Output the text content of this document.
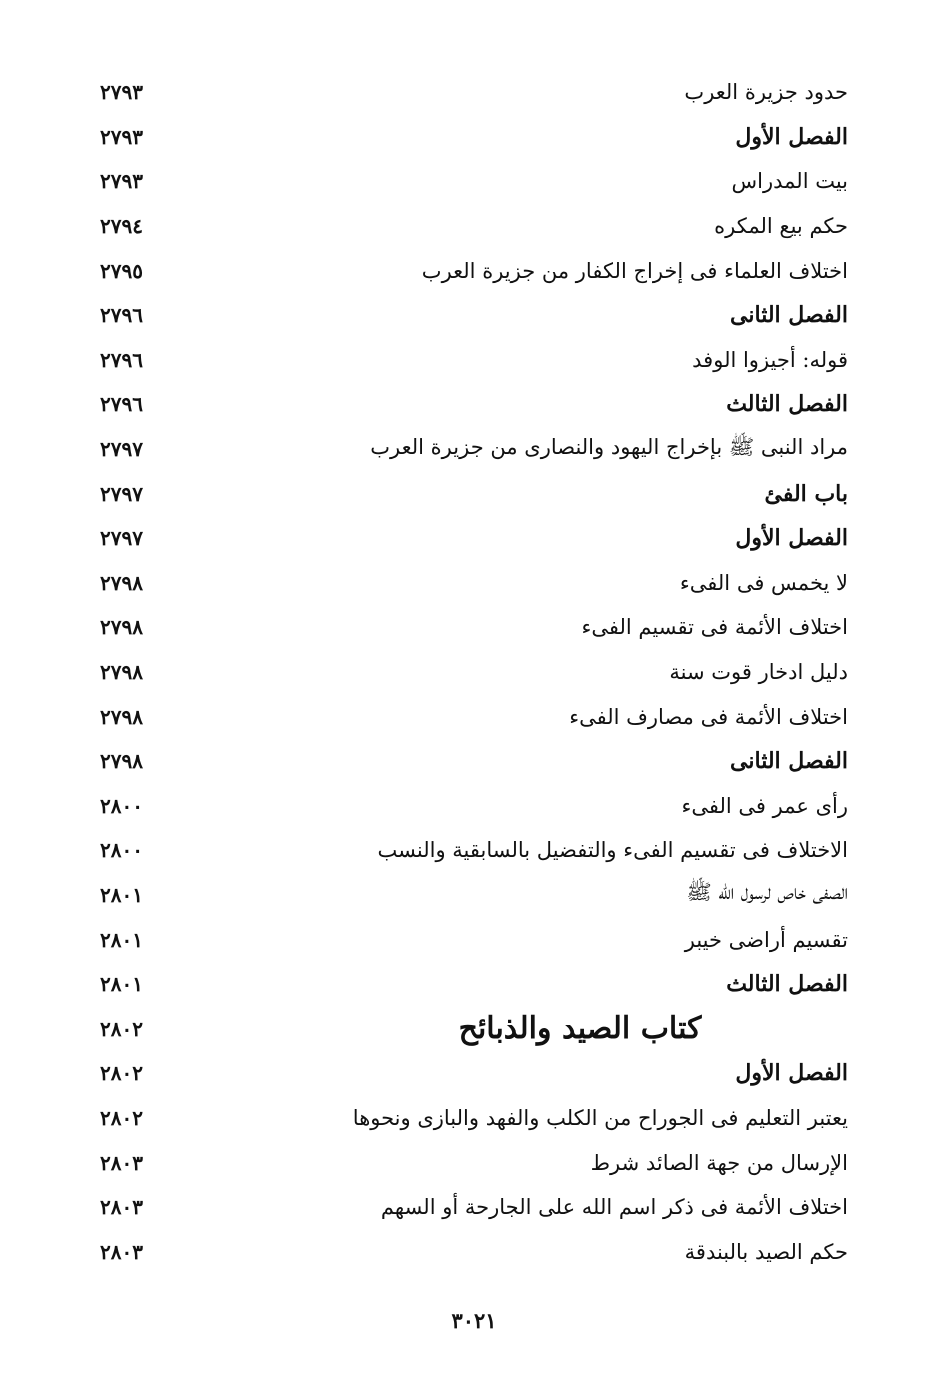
حدود جزيرة العرب
٢٧٩٣
الفصل الأول
٢٧٩٣
بيت المدراس
٢٧٩٣
حكم بيع المكره
٢٧٩٤
اختلاف العلماء فى إخراج الكفار من جزيرة العرب
٢٧٩٥
الفصل الثانى
٢٧٩٦
قوله: أجيزوا الوفد
٢٧٩٦
الفصل الثالث
٢٧٩٦
مراد النبى ﷺ بإخراج اليهود والنصارى من جزيرة العرب
٢٧٩٧
باب الفئ
٢٧٩٧
الفصل الأول
٢٧٩٧
لا يخمس فى الفىء
٢٧٩٨
اختلاف الأئمة فى تقسيم الفىء
٢٧٩٨
دليل ادخار قوت سنة
٢٧٩٨
اختلاف الأئمة فى مصارف الفىء
٢٧٩٨
الفصل الثانى
٢٧٩٨
رأى عمر فى الفىء
٢٨٠٠
الاختلاف فى تقسيم الفىء والتفضيل بالسابقية والنسب
٢٨٠٠
الصفى خاص لرسول الله ﷺ
٢٨٠١
تقسيم أراضى خيبر
٢٨٠١
الفصل الثالث
٢٨٠١
كتاب الصيد والذبائح
٢٨٠٢
الفصل الأول
٢٨٠٢
يعتبر التعليم فى الجوراح من الكلب والفهد والبازى ونحوها
٢٨٠٢
الإرسال من جهة الصائد شرط
٢٨٠٣
اختلاف الأئمة فى ذكر اسم الله على الجارحة أو السهم
٢٨٠٣
حكم الصيد بالبندقة
٢٨٠٣
٣٠٢١
